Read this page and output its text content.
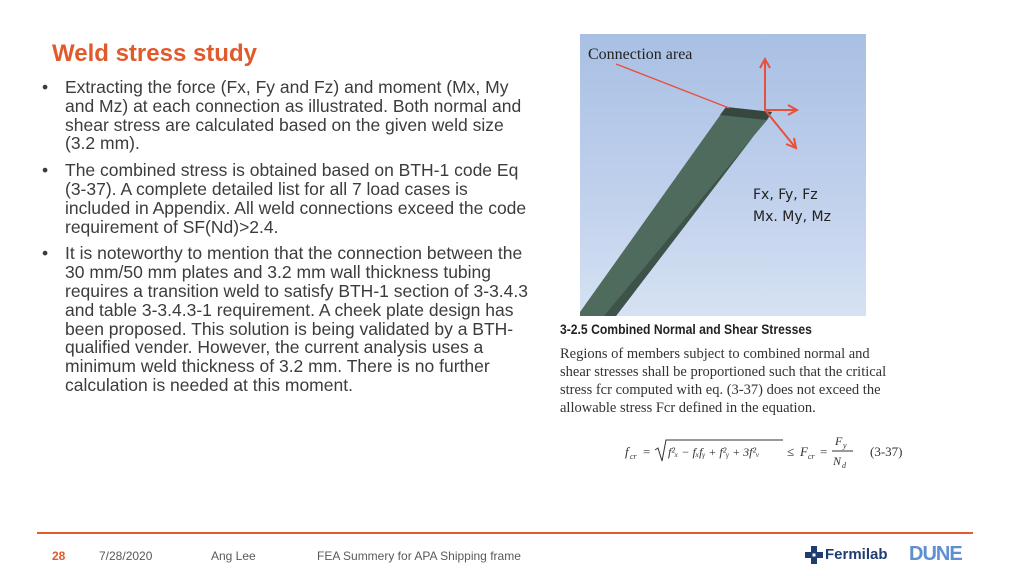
Weld stress study
• Extracting the force (Fx, Fy and Fz) and moment (Mx, My and Mz) at each connection as illustrated. Both normal and shear stress are calculated based on the given weld size (3.2 mm).
• The combined stress is obtained based on BTH-1 code Eq (3-37). A complete detailed list for all 7 load cases is included in Appendix. All weld connections exceed the code requirement of SF(Nd)>2.4.
• It is noteworthy to mention that the connection between the 30 mm/50 mm plates and 3.2 mm wall thickness tubing requires a transition weld to satisfy BTH-1 section of 3-3.4.3 and table 3-3.4.3-1 requirement. A cheek plate design has been proposed. This solution is being validated by a BTH-qualified vender. However, the current analysis uses a minimum weld thickness of 3.2 mm. There is no further calculation is needed at this moment.
Connection area
Fx, Fy, Fz
Mx. My, Mz
3-2.5 Combined Normal and Shear Stresses
Regions of members subject to combined normal and shear stresses shall be proportioned such that the critical stress fcr computed with eq. (3-37) does not exceed the allowable stress Fcr defined in the equation.
f cr = f²ₓ − fₓfᵧ + f²ᵧ + 3f²ᵥ ≤ F cr =
F y
N d
(3-37)
28	7/28/2020	Ang Lee	FEA Summery for APA Shipping frame	Fermilab DUNE
